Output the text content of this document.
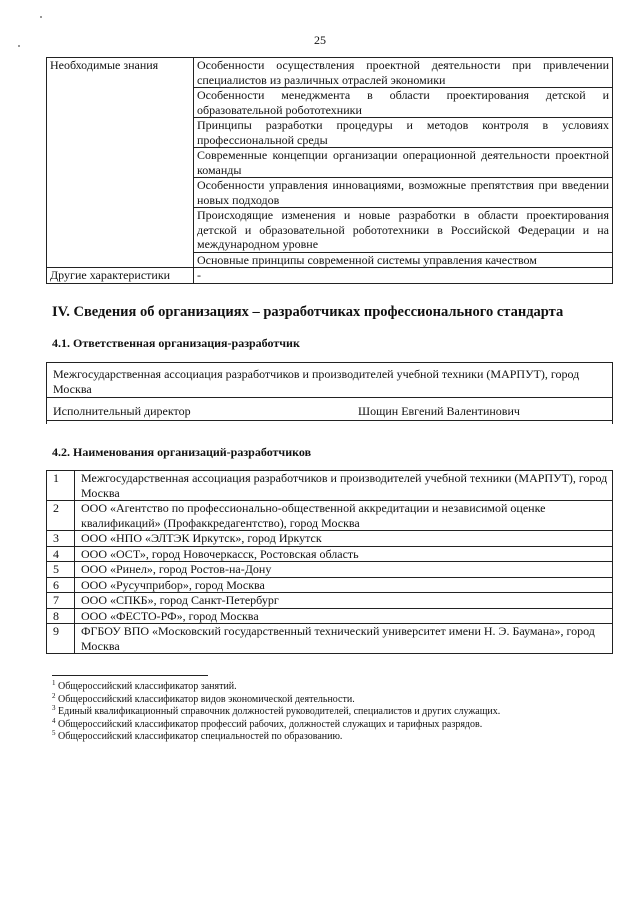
25
Необходимые знания	Особенности осуществления проектной деятельности при привлечении специалистов из различных отраслей экономики
	Особенности менеджмента в области проектирования детской и образовательной робототехники
	Принципы разработки процедуры и методов контроля в условиях профессиональной среды
	Современные концепции организации операционной деятельности проектной команды
	Особенности управления инновациями, возможные препятствия при введении новых подходов
	Происходящие изменения и новые разработки в области проектирования детской и образовательной робототехники в Российской Федерации и на международном уровне
	Основные принципы современной системы управления качеством
Другие характеристики	-
IV. Сведения об организациях – разработчиках профессионального стандарта
4.1. Ответственная организация-разработчик
Межгосударственная ассоциация разработчиков и производителей учебной техники (МАРПУТ), город Москва
Исполнительный директор	Шощин Евгений Валентинович
4.2. Наименования организаций-разработчиков
1	Межгосударственная ассоциация разработчиков и производителей учебной техники (МАРПУТ), город Москва
2	ООО «Агентство по профессионально-общественной аккредитации и независимой оценке квалификаций» (Профаккредагентство), город Москва
3	ООО «НПО «ЭЛТЭК Иркутск», город Иркутск
4	ООО «ОСТ», город Новочеркасск, Ростовская область
5	ООО «Ринел», город Ростов-на-Дону
6	ООО «Русучприбор», город Москва
7	ООО «СПКБ», город Санкт-Петербург
8	ООО «ФЕСТО-РФ», город Москва
9	ФГБОУ ВПО «Московский государственный технический университет имени Н. Э. Баумана», город Москва
$^1$ Общероссийский классификатор занятий.
$^2$ Общероссийский классификатор видов экономической деятельности.
$^3$ Единый квалификационный справочник должностей руководителей, специалистов и других служащих.
$^4$ Общероссийский классификатор профессий рабочих, должностей служащих и тарифных разрядов.
$^5$ Общероссийский классификатор специальностей по образованию.
